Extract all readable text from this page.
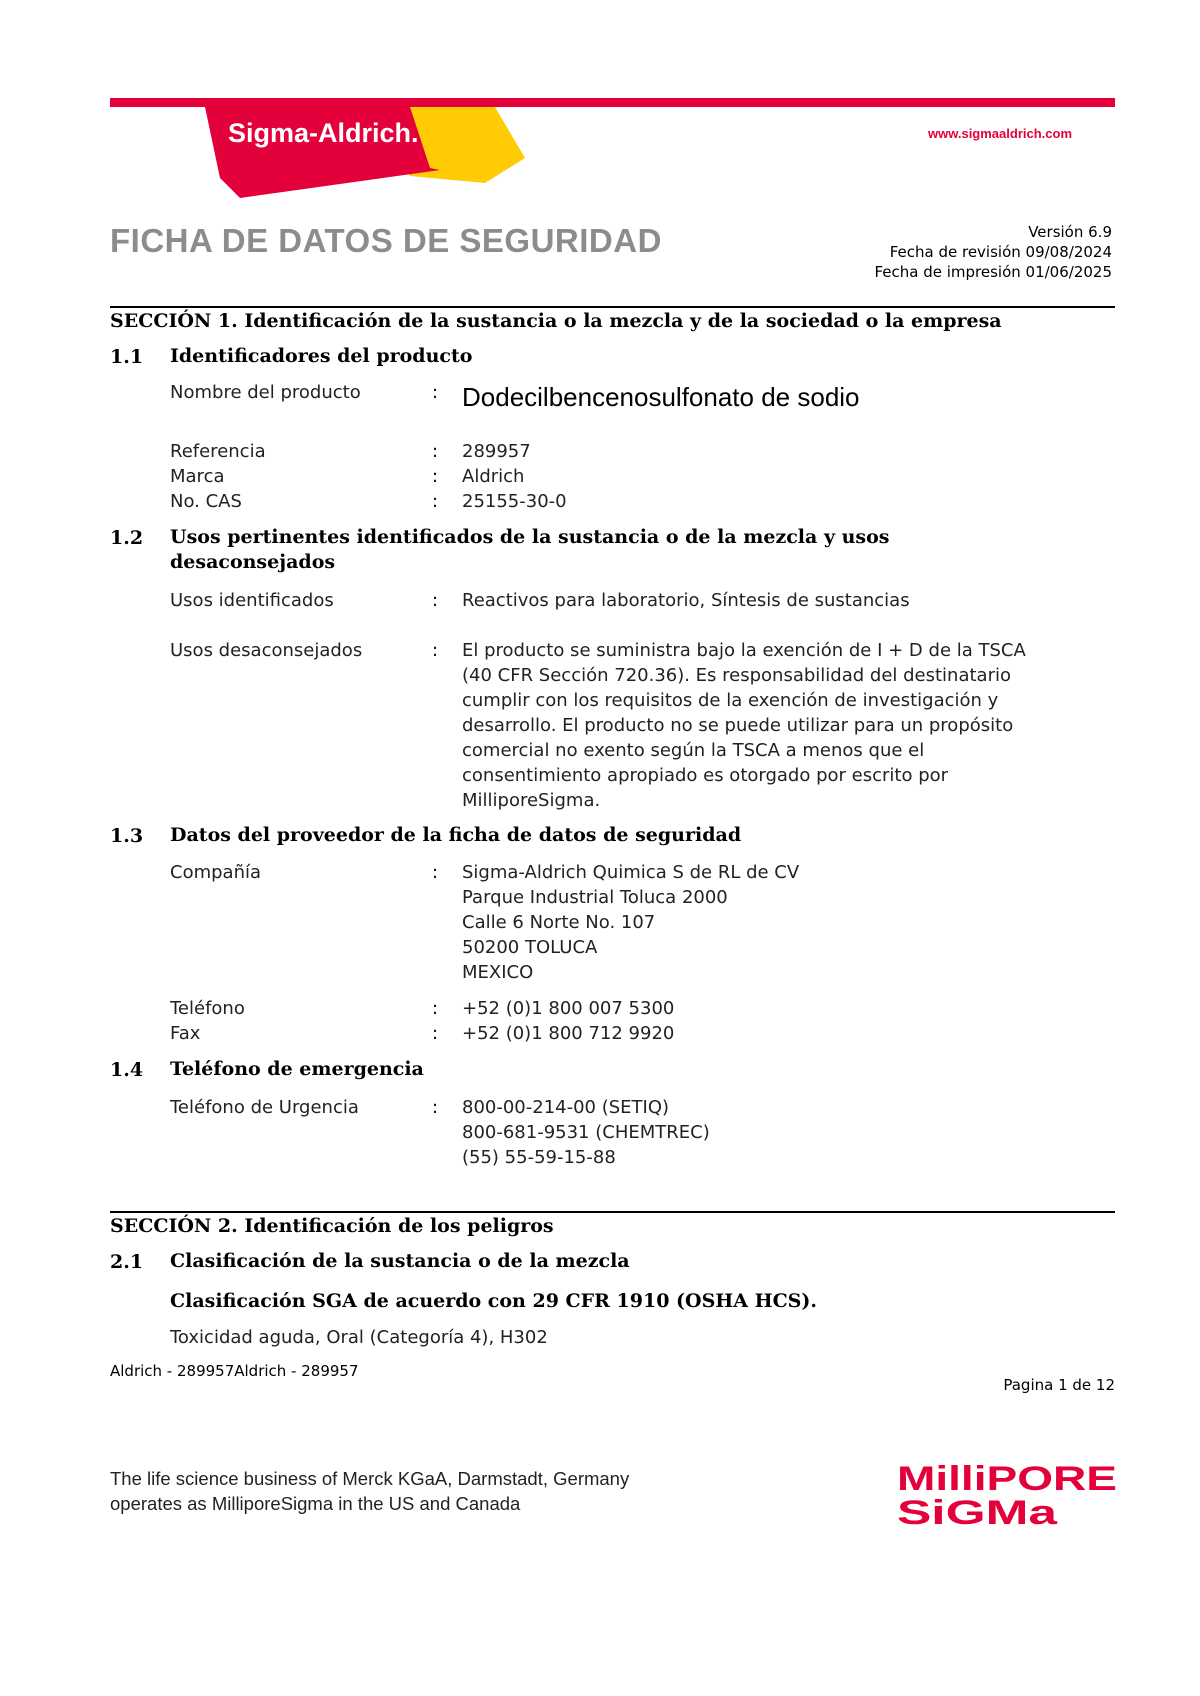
Sigma-Aldrich.	www.sigmaaldrich.com
FICHA DE DATOS DE SEGURIDAD	Versión 6.9
Fecha de revisión 09/08/2024
Fecha de impresión 01/06/2025
SECCIÓN 1. Identificación de la sustancia o la mezcla y de la sociedad o la empresa
1.1 Identificadores del producto
Nombre del producto	: Dodecilbencenosulfonato de sodio
Referencia	: 289957
Marca	: Aldrich
No. CAS	: 25155-30-0
1.2 Usos pertinentes identificados de la sustancia o de la mezcla y usos
desaconsejados
Usos identificados	: Reactivos para laboratorio, Síntesis de sustancias
Usos desaconsejados	: El producto se suministra bajo la exención de I + D de la TSCA
(40 CFR Sección 720.36). Es responsabilidad del destinatario
cumplir con los requisitos de la exención de investigación y
desarrollo. El producto no se puede utilizar para un propósito
comercial no exento según la TSCA a menos que el
consentimiento apropiado es otorgado por escrito por
MilliporeSigma.
1.3 Datos del proveedor de la ficha de datos de seguridad
Compañía	: Sigma-Aldrich Quimica S de RL de CV
Parque Industrial Toluca 2000
Calle 6 Norte No. 107
50200 TOLUCA
MEXICO
Teléfono	: +52 (0)1 800 007 5300
Fax	: +52 (0)1 800 712 9920
1.4 Teléfono de emergencia
Teléfono de Urgencia	: 800-00-214-00 (SETIQ)
800-681-9531 (CHEMTREC)
(55) 55-59-15-88
SECCIÓN 2. Identificación de los peligros
2.1 Clasificación de la sustancia o de la mezcla
Clasificación SGA de acuerdo con 29 CFR 1910 (OSHA HCS).
Toxicidad aguda, Oral (Categoría 4), H302
Aldrich - 289957Aldrich - 289957
Pagina 1 de 12
The life science business of Merck KGaA, Darmstadt, Germany
operates as MilliporeSigma in the US and Canada
MilliPORE
SiGMa
